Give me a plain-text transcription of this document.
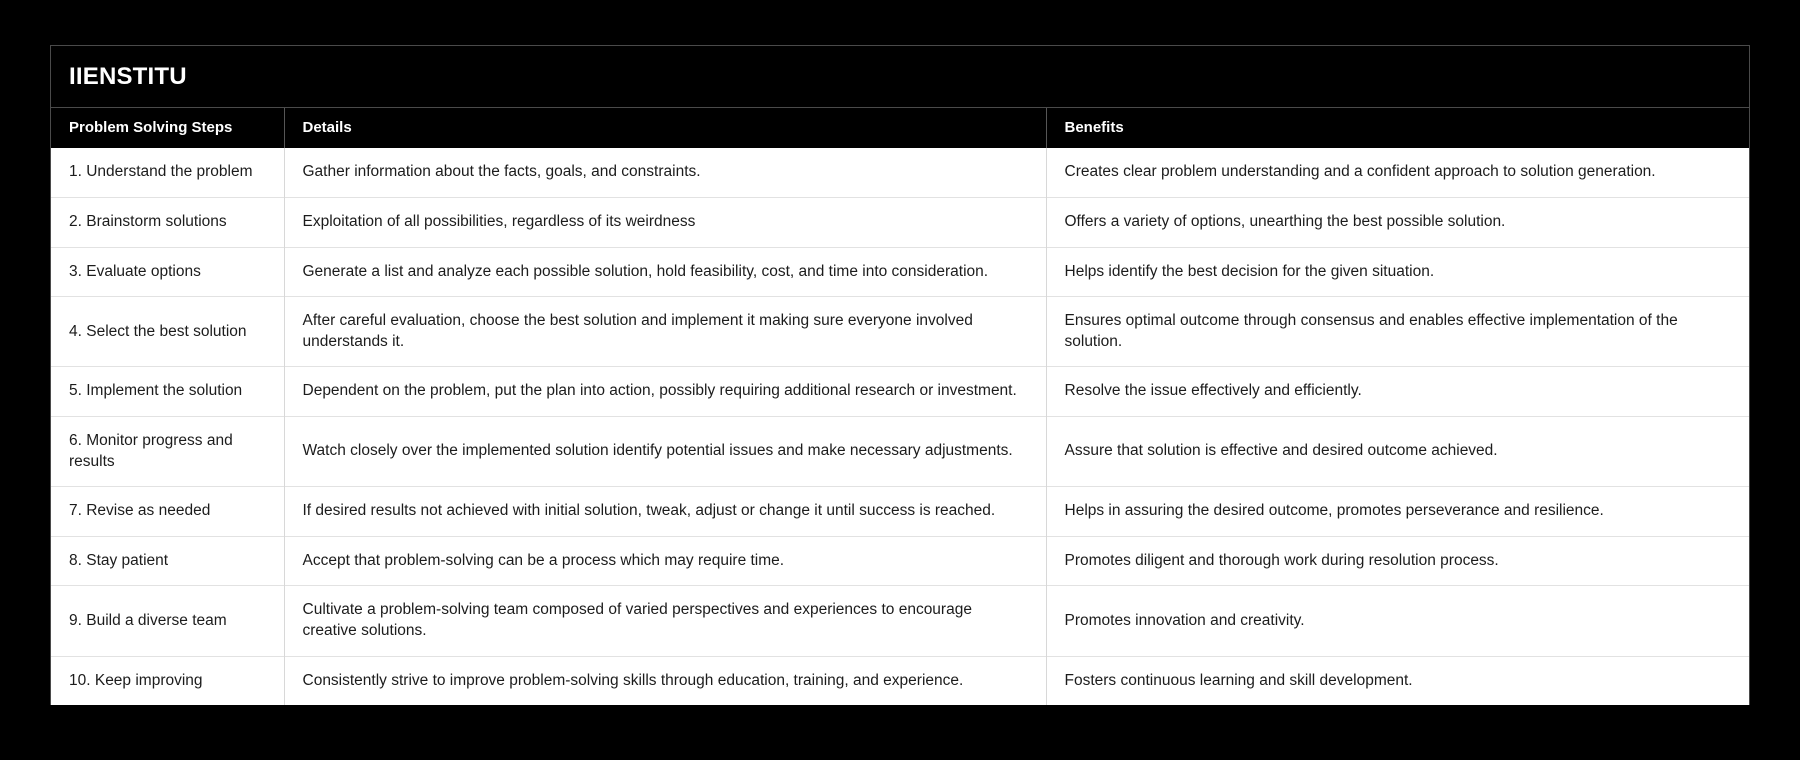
IIENSTITU
Problem Solving Steps	Details	Benefits
1. Understand the problem	Gather information about the facts, goals, and constraints.	Creates clear problem understanding and a confident approach to solution generation.
2. Brainstorm solutions	Exploitation of all possibilities, regardless of its weirdness	Offers a variety of options, unearthing the best possible solution.
3. Evaluate options	Generate a list and analyze each possible solution, hold feasibility, cost, and time into consideration.	Helps identify the best decision for the given situation.
4. Select the best solution	After careful evaluation, choose the best solution and implement it making sure everyone involved understands it.	Ensures optimal outcome through consensus and enables effective implementation of the solution.
5. Implement the solution	Dependent on the problem, put the plan into action, possibly requiring additional research or investment.	Resolve the issue effectively and efficiently.
6. Monitor progress and results	Watch closely over the implemented solution identify potential issues and make necessary adjustments.	Assure that solution is effective and desired outcome achieved.
7. Revise as needed	If desired results not achieved with initial solution, tweak, adjust or change it until success is reached.	Helps in assuring the desired outcome, promotes perseverance and resilience.
8. Stay patient	Accept that problem-solving can be a process which may require time.	Promotes diligent and thorough work during resolution process.
9. Build a diverse team	Cultivate a problem-solving team composed of varied perspectives and experiences to encourage creative solutions.	Promotes innovation and creativity.
10. Keep improving	Consistently strive to improve problem-solving skills through education, training, and experience.	Fosters continuous learning and skill development.
